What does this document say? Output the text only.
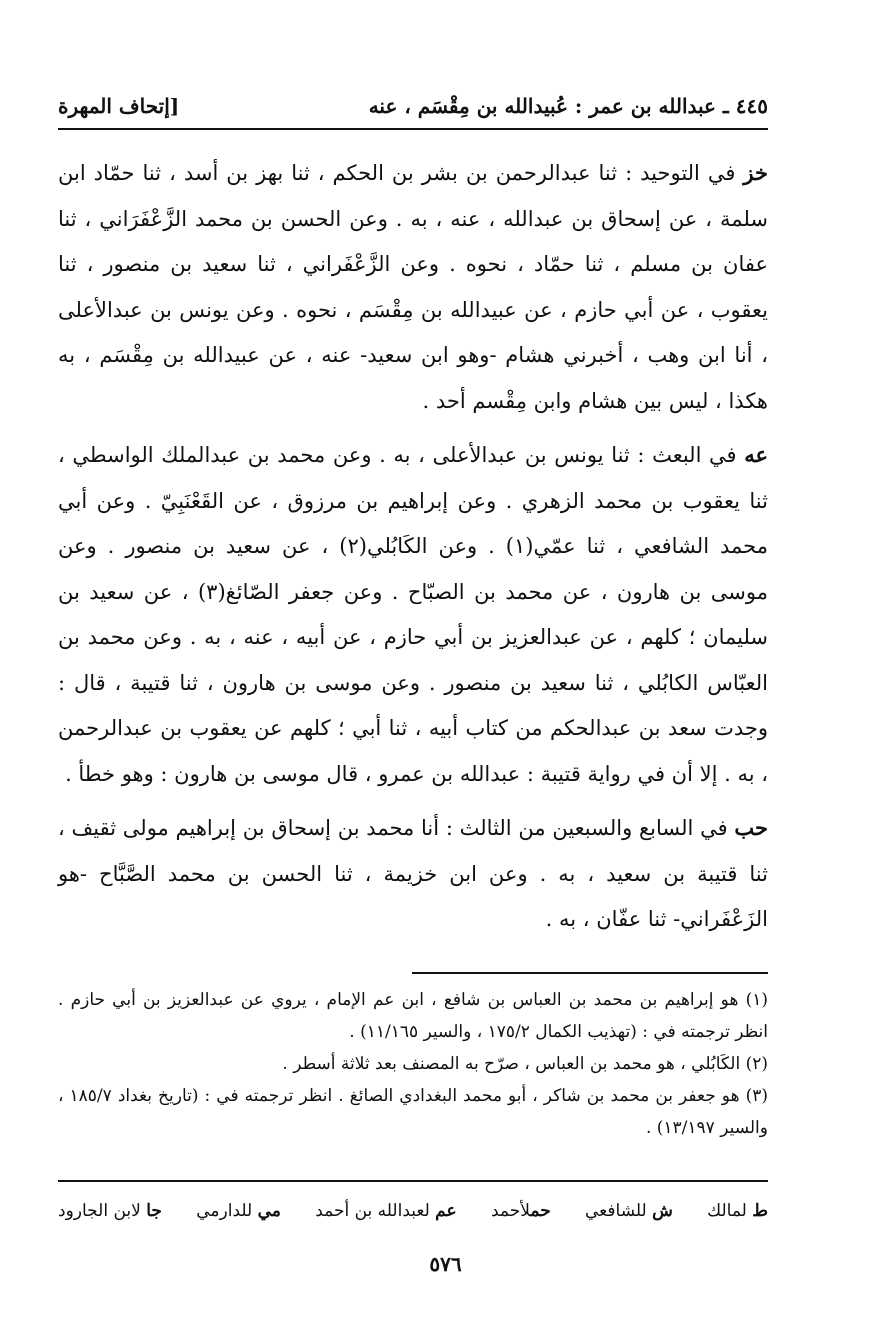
٤٤٥ ـ عبدالله بن عمر : عُبيدالله بن مِقْسَم ، عنه
[إتحاف المهرة

خز في التوحيد : ثنا عبدالرحمن بن بشر بن الحكم ، ثنا بهز بن أسد ، ثنا حمّاد ابن سلمة ، عن إسحاق بن عبدالله ، عنه ، به . وعن الحسن بن محمد الزَّعْفَرَاني ، ثنا عفان بن مسلم ، ثنا حمّاد ، نحوه . وعن الزَّعْفَراني ، ثنا سعيد بن منصور ، ثنا يعقوب ، عن أبي حازم ، عن عبيدالله بن مِقْسَم ، نحوه . وعن يونس بن عبدالأعلى ، أنا ابن وهب ، أخبرني هشام -وهو ابن سعيد- عنه ، عن عبيدالله بن مِقْسَم ، به هكذا ، ليس بين هشام وابن مِقْسم أحد .

عه في البعث : ثنا يونس بن عبدالأعلى ، به . وعن محمد بن عبدالملك الواسطي ، ثنا يعقوب بن محمد الزهري . وعن إبراهيم بن مرزوق ، عن القَعْنَبِيّ . وعن أبي محمد الشافعي ، ثنا عمّي(١) . وعن الكَابُلي(٢) ، عن سعيد بن منصور . وعن موسى بن هارون ، عن محمد بن الصبّاح . وعن جعفر الصّائغ(٣) ، عن سعيد بن سليمان ؛ كلهم ، عن عبدالعزيز بن أبي حازم ، عن أبيه ، عنه ، به . وعن محمد بن العبّاس الكابُلي ، ثنا سعيد بن منصور . وعن موسى بن هارون ، ثنا قتيبة ، قال : وجدت سعد بن عبدالحكم من كتاب أبيه ، ثنا أبي ؛ كلهم عن يعقوب بن عبدالرحمن ، به . إلا أن في رواية قتيبة : عبدالله بن عمرو ، قال موسى بن هارون : وهو خطأ .

حب في السابع والسبعين من الثالث : أنا محمد بن إسحاق بن إبراهيم مولى ثقيف ، ثنا قتيبة بن سعيد ، به . وعن ابن خزيمة ، ثنا الحسن بن محمد الصَّبَّاح -هو الزَعْفَراني- ثنا عفّان ، به .

(١) هو إبراهيم بن محمد بن العباس بن شافع ، ابن عم الإمام ، يروي عن عبدالعزيز بن أبي حازم . انظر ترجمته في : (تهذيب الكمال ١٧٥/٢ ، والسير ١١/١٦٥) .

(٢) الكَابُلي ، هو محمد بن العباس ، صرّح به المصنف بعد ثلاثة أسطر .

(٣) هو جعفر بن محمد بن شاكر ، أبو محمد البغدادي الصائغ . انظر ترجمته في : (تاريخ بغداد ١٨٥/٧ ، والسير ١٣/١٩٧) .

ط لمالك
ش للشافعي
حملأحمد
عم لعبدالله بن أحمد
مي للدارمي
جا لابن الجارود
٥٧٦
